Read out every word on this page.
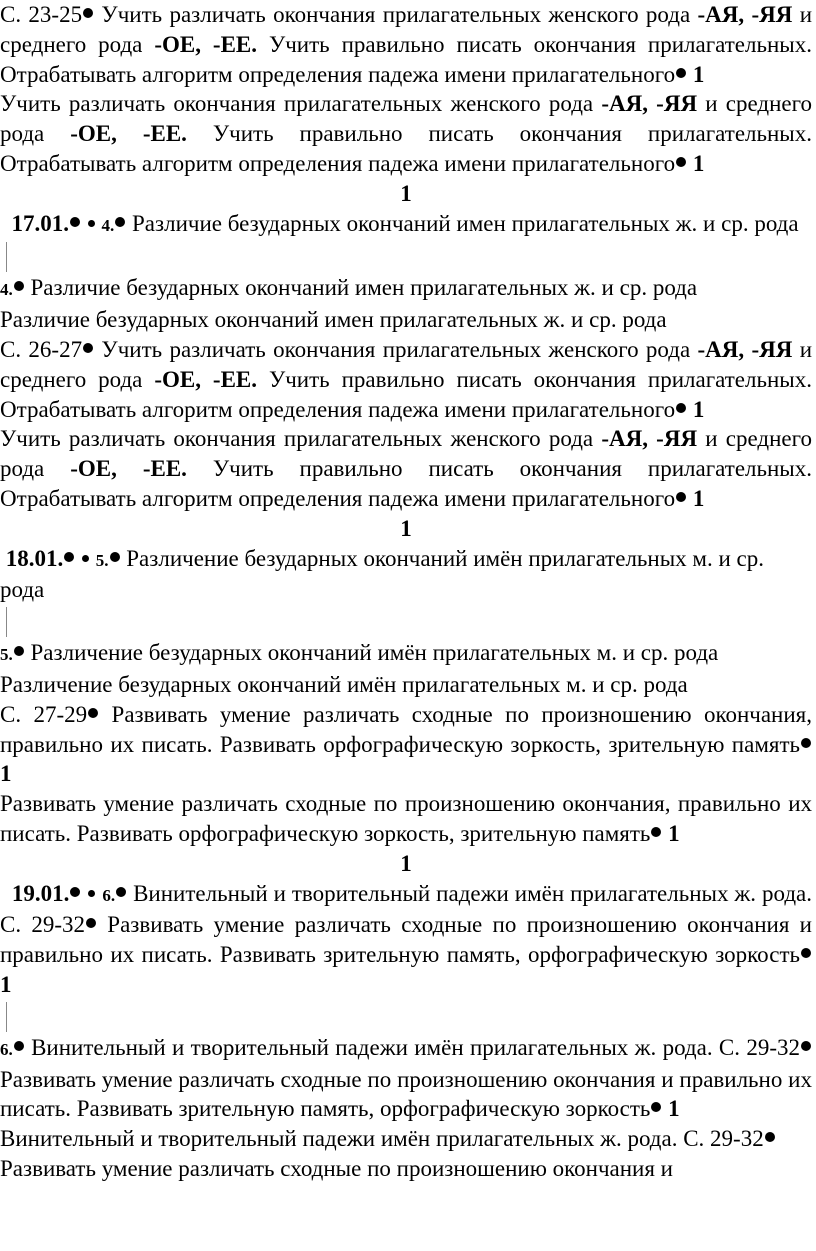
С. 23-25 Учить различать окончания прилагательных женского рода -АЯ, -ЯЯ и среднего рода -ОЕ, -ЕЕ. Учить правильно писать окончания прилагательных. Отрабатывать алгоритм определения падежа имени прилагательного 1

Учить различать окончания прилагательных женского рода -АЯ, -ЯЯ и среднего рода -ОЕ, -ЕЕ. Учить правильно писать окончания прилагательных. Отрабатывать алгоритм определения падежа имени прилагательного 1

1

17.01. 4. Различие безударных окончаний имен прилагательных ж. и ср. рода

4. Различие безударных окончаний имен прилагательных ж. и ср. рода

Различие безударных окончаний имен прилагательных ж. и ср. рода

С. 26-27 Учить различать окончания прилагательных женского рода -АЯ, -ЯЯ и среднего рода -ОЕ, -ЕЕ. Учить правильно писать окончания прилагательных. Отрабатывать алгоритм определения падежа имени прилагательного 1

Учить различать окончания прилагательных женского рода -АЯ, -ЯЯ и среднего рода -ОЕ, -ЕЕ. Учить правильно писать окончания прилагательных. Отрабатывать алгоритм определения падежа имени прилагательного 1

1

18.01. 5. Различение безударных окончаний имён прилагательных м. и ср. рода

5. Различение безударных окончаний имён прилагательных м. и ср. рода

Различение безударных окончаний имён прилагательных м. и ср. рода

С. 27-29 Развивать умение различать сходные по произношению окончания, правильно их писать. Развивать орфографическую зоркость, зрительную память 1

Развивать умение различать сходные по произношению окончания, правильно их писать. Развивать орфографическую зоркость, зрительную память 1

1

19.01. 6. Винительный и творительный падежи имён прилагательных ж. рода. С. 29-32 Развивать умение различать сходные по произношению окончания и правильно их писать. Развивать зрительную память, орфографическую зоркость 1

6. Винительный и творительный падежи имён прилагательных ж. рода. С. 29-32 Развивать умение различать сходные по произношению окончания и правильно их писать. Развивать зрительную память, орфографическую зоркость 1

Винительный и творительный падежи имён прилагательных ж. рода. С. 29-32 Развивать умение различать сходные по произношению окончания и
